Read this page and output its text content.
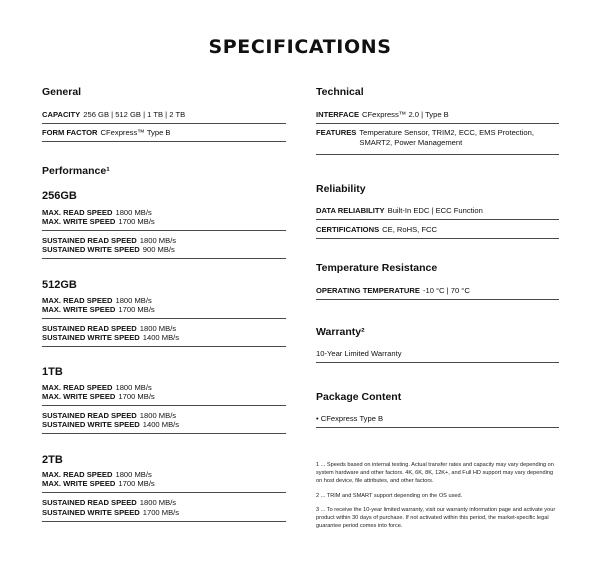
SPECIFICATIONS
General
CAPACITY 256 GB | 512 GB | 1 TB | 2 TB
FORM FACTOR CFexpress™ Type B
Performance¹
256GB
MAX. READ SPEED 1800 MB/s
MAX. WRITE SPEED 1700 MB/s
SUSTAINED READ SPEED 1800 MB/s
SUSTAINED WRITE SPEED 900 MB/s
512GB
MAX. READ SPEED 1800 MB/s
MAX. WRITE SPEED 1700 MB/s
SUSTAINED READ SPEED 1800 MB/s
SUSTAINED WRITE SPEED 1400 MB/s
1TB
MAX. READ SPEED 1800 MB/s
MAX. WRITE SPEED 1700 MB/s
SUSTAINED READ SPEED 1800 MB/s
SUSTAINED WRITE SPEED 1400 MB/s
2TB
MAX. READ SPEED 1800 MB/s
MAX. WRITE SPEED 1700 MB/s
SUSTAINED READ SPEED 1800 MB/s
SUSTAINED WRITE SPEED 1700 MB/s
Technical
INTERFACE CFexpress™ 2.0 | Type B
FEATURES Temperature Sensor, TRIM2, ECC, EMS Protection, SMART2, Power Management
Reliability
DATA RELIABILITY Built-In EDC | ECC Function
CERTIFICATIONS CE, RoHS, FCC
Temperature Resistance
OPERATING TEMPERATURE -10 °C | 70 °C
Warranty²
10-Year Limited Warranty
Package Content
• CFexpress Type B

1 ... Speeds based on internal testing. Actual transfer rates and capacity may vary depending on system hardware and other factors. 4K, 6K, 8K, 12K+, and Full HD support may vary depending on host device, file attributes, and other factors.

2 ... TRIM and SMART support depending on the OS used.

3 ... To receive the 10-year limited warranty, visit our warranty information page and activate your product within 30 days of purchase. If not activated within this period, the market-specific legal guarantee period comes into force.
